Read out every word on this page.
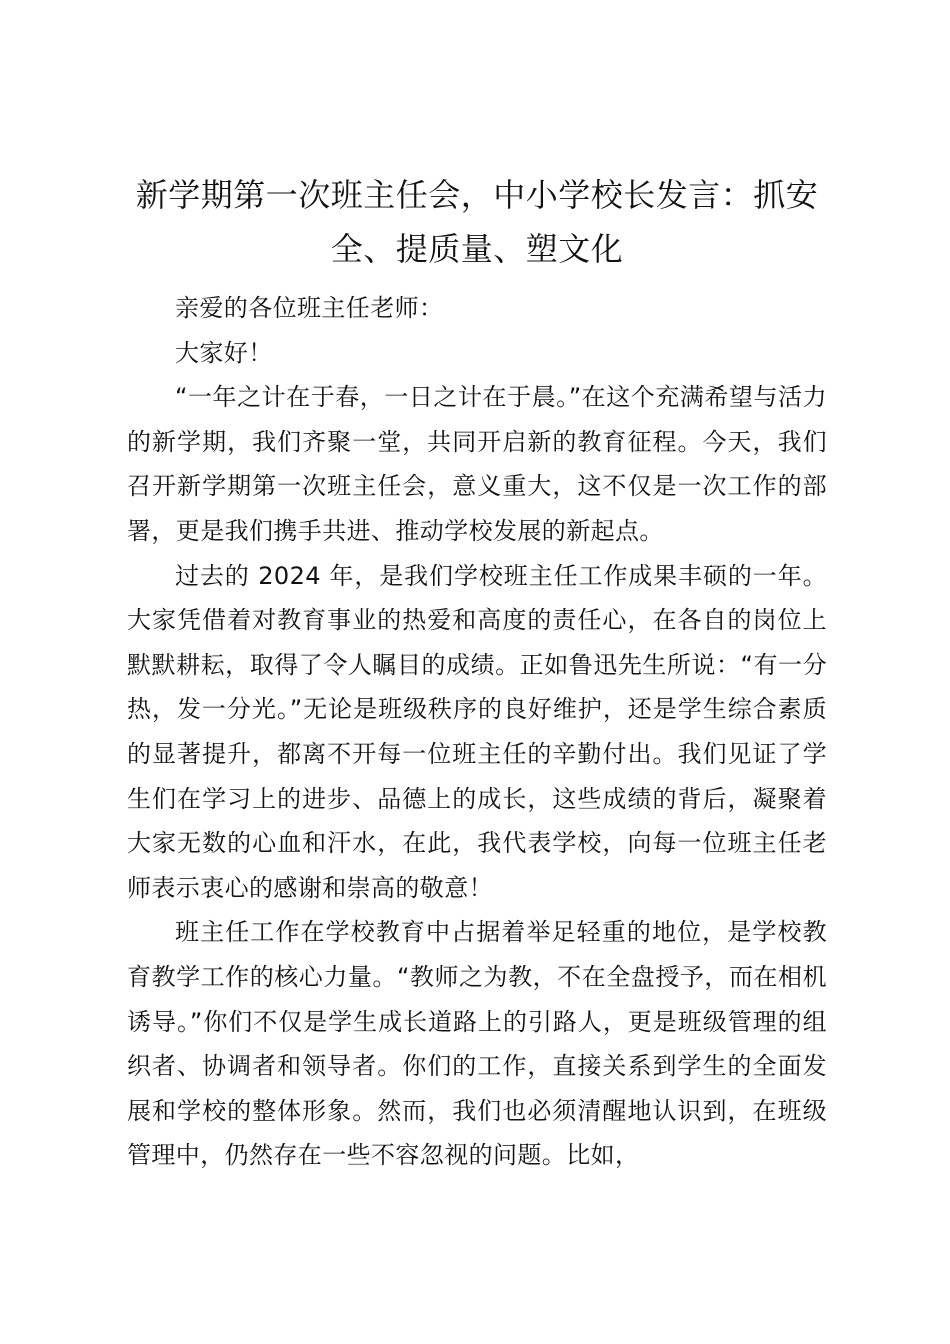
新学期第一次班主任会，中小学校长发言：抓安全、提质量、塑文化

亲爱的各位班主任老师：

大家好！

“一年之计在于春，一日之计在于晨。”在这个充满希望与活力的新学期，我们齐聚一堂，共同开启新的教育征程。今天，我们召开新学期第一次班主任会，意义重大，这不仅是一次工作的部署，更是我们携手共进、推动学校发展的新起点。

过去的 2024 年，是我们学校班主任工作成果丰硕的一年。大家凭借着对教育事业的热爱和高度的责任心，在各自的岗位上默默耕耘，取得了令人瞩目的成绩。正如鲁迅先生所说：“有一分热，发一分光。”无论是班级秩序的良好维护，还是学生综合素质的显著提升，都离不开每一位班主任的辛勤付出。我们见证了学生们在学习上的进步、品德上的成长，这些成绩的背后，凝聚着大家无数的心血和汗水，在此，我代表学校，向每一位班主任老师表示衷心的感谢和崇高的敬意！

班主任工作在学校教育中占据着举足轻重的地位，是学校教育教学工作的核心力量。“教师之为教，不在全盘授予，而在相机诱导。”你们不仅是学生成长道路上的引路人，更是班级管理的组织者、协调者和领导者。你们的工作，直接关系到学生的全面发展和学校的整体形象。然而，我们也必须清醒地认识到，在班级管理中，仍然存在一些不容忽视的问题。比如，
